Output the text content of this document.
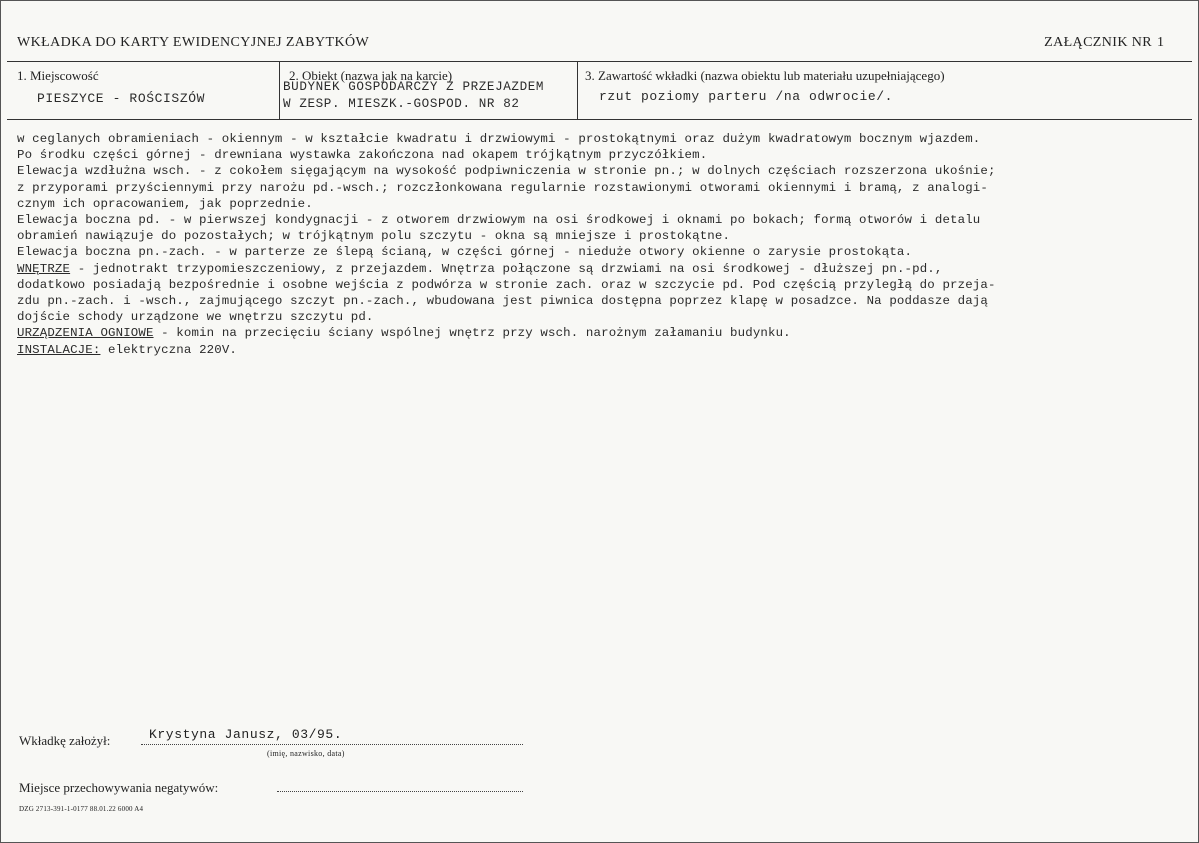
WKŁADKA DO KARTY EWIDENCYJNEJ ZABYTKÓW	ZAŁĄCZNIK NR 1
1. Miejscowość
PIESZYCE - ROŚCISZÓW
2. Obiekt (nazwa jak na karcie)
BUDYNEK GOSPODARCZY Z PRZEJAZDEM
W ZESP. MIESZK.-GOSPOD. NR 82
3. Zawartość wkładki (nazwa obiektu lub materiału uzupełniającego)
rzut poziomy parteru /na odwrocie/.
w ceglanych obramieniach - okiennym - w kształcie kwadratu i drzwiowymi - prostokątnymi oraz dużym kwadratowym bocznym wjazdem.
Po środku części górnej - drewniana wystawka zakończona nad okapem trójkątnym przyczółkiem.
Elewacja wzdłużna wsch. - z cokołem sięgającym na wysokość podpiwniczenia w stronie pn.; w dolnych częściach rozszerzona ukośnie;
z przyporami przyściennymi przy narożu pd.-wsch.; rozczłonkowana regularnie rozstawionymi otworami okiennymi i bramą, z analogi-
cznym ich opracowaniem, jak poprzednie.
Elewacja boczna pd. - w pierwszej kondygnacji - z otworem drzwiowym na osi środkowej i oknami po bokach; formą otworów i detalu
obramień nawiązuje do pozostałych; w trójkątnym polu szczytu - okna są mniejsze i prostokątne.
Elewacja boczna pn.-zach. - w parterze ze ślepą ścianą, w części górnej - nieduże otwory okienne o zarysie prostokąta.
WNĘTRZE - jednotrakt trzypomieszczeniowy, z przejazdem. Wnętrza połączone są drzwiami na osi środkowej - dłuższej pn.-pd.,
dodatkowo posiadają bezpośrednie i osobne wejścia z podwórza w stronie zach. oraz w szczycie pd. Pod częścią przyległą do przeja-
zdu pn.-zach. i -wsch., zajmującego szczyt pn.-zach., wbudowana jest piwnica dostępna poprzez klapę w posadzce. Na poddasze dają
dojście schody urządzone we wnętrzu szczytu pd.
URZĄDZENIA OGNIOWE - komin na przecięciu ściany wspólnej wnętrz przy wsch. narożnym załamaniu budynku.
INSTALACJE: elektryczna 220V.
Wkładkę założył:	Krystyna Janusz, 03/95.
(imię, nazwisko, data)
Miejsce przechowywania negatywów:
DZG 2713-391-1-0177 88.01.22 6000 A4
